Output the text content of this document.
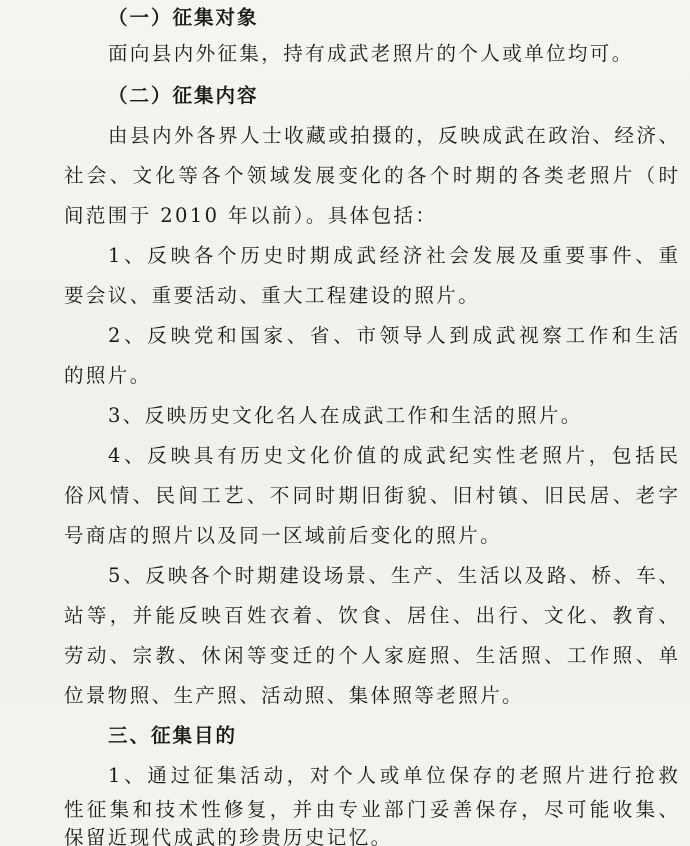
（一）征集对象
面向县内外征集，持有成武老照片的个人或单位均可。
（二）征集内容
由县内外各界人士收藏或拍摄的，反映成武在政治、经济、
社会、文化等各个领域发展变化的各个时期的各类老照片（时
间范围于 2010 年以前）。具体包括：
1、反映各个历史时期成武经济社会发展及重要事件、重
要会议、重要活动、重大工程建设的照片。
2、反映党和国家、省、市领导人到成武视察工作和生活
的照片。
3、反映历史文化名人在成武工作和生活的照片。
4、反映具有历史文化价值的成武纪实性老照片，包括民
俗风情、民间工艺、不同时期旧街貌、旧村镇、旧民居、老字
号商店的照片以及同一区域前后变化的照片。
5、反映各个时期建设场景、生产、生活以及路、桥、车、
站等，并能反映百姓衣着、饮食、居住、出行、文化、教育、
劳动、宗教、休闲等变迁的个人家庭照、生活照、工作照、单
位景物照、生产照、活动照、集体照等老照片。
三、征集目的
1、通过征集活动，对个人或单位保存的老照片进行抢救
性征集和技术性修复，并由专业部门妥善保存，尽可能收集、
保留近现代成武的珍贵历史记忆。
